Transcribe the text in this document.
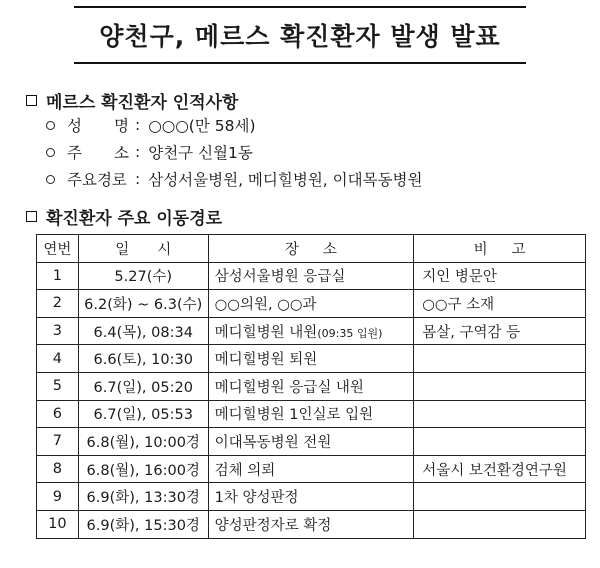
양천구, 메르스 확진환자 발생 발표
메르스 확진환자 인적사항
성 명 : ○○○(만 58세)
주 소 : 양천구 신월1동
주요경로 : 삼성서울병원, 메디힐병원, 이대목동병원
확진환자 주요 이동경로
연번	일 시	장 소	비 고

1	5.27(수)	삼성서울병원 응급실	지인 병문안
2	6.2(화) ~ 6.3(수)	○○의원, ○○과	○○구 소재
3	6.4(목), 08:34	메디힐병원 내원(09:35 입원)	몸살, 구역감 등
4	6.6(토), 10:30	메디힐병원 퇴원	
5	6.7(일), 05:20	메디힐병원 응급실 내원	
6	6.7(일), 05:53	메디힐병원 1인실로 입원	
7	6.8(월), 10:00경	이대목동병원 전원	
8	6.8(월), 16:00경	검체 의뢰	서울시 보건환경연구원
9	6.9(화), 13:30경	1차 양성판정	
10	6.9(화), 15:30경	양성판정자로 확정	
